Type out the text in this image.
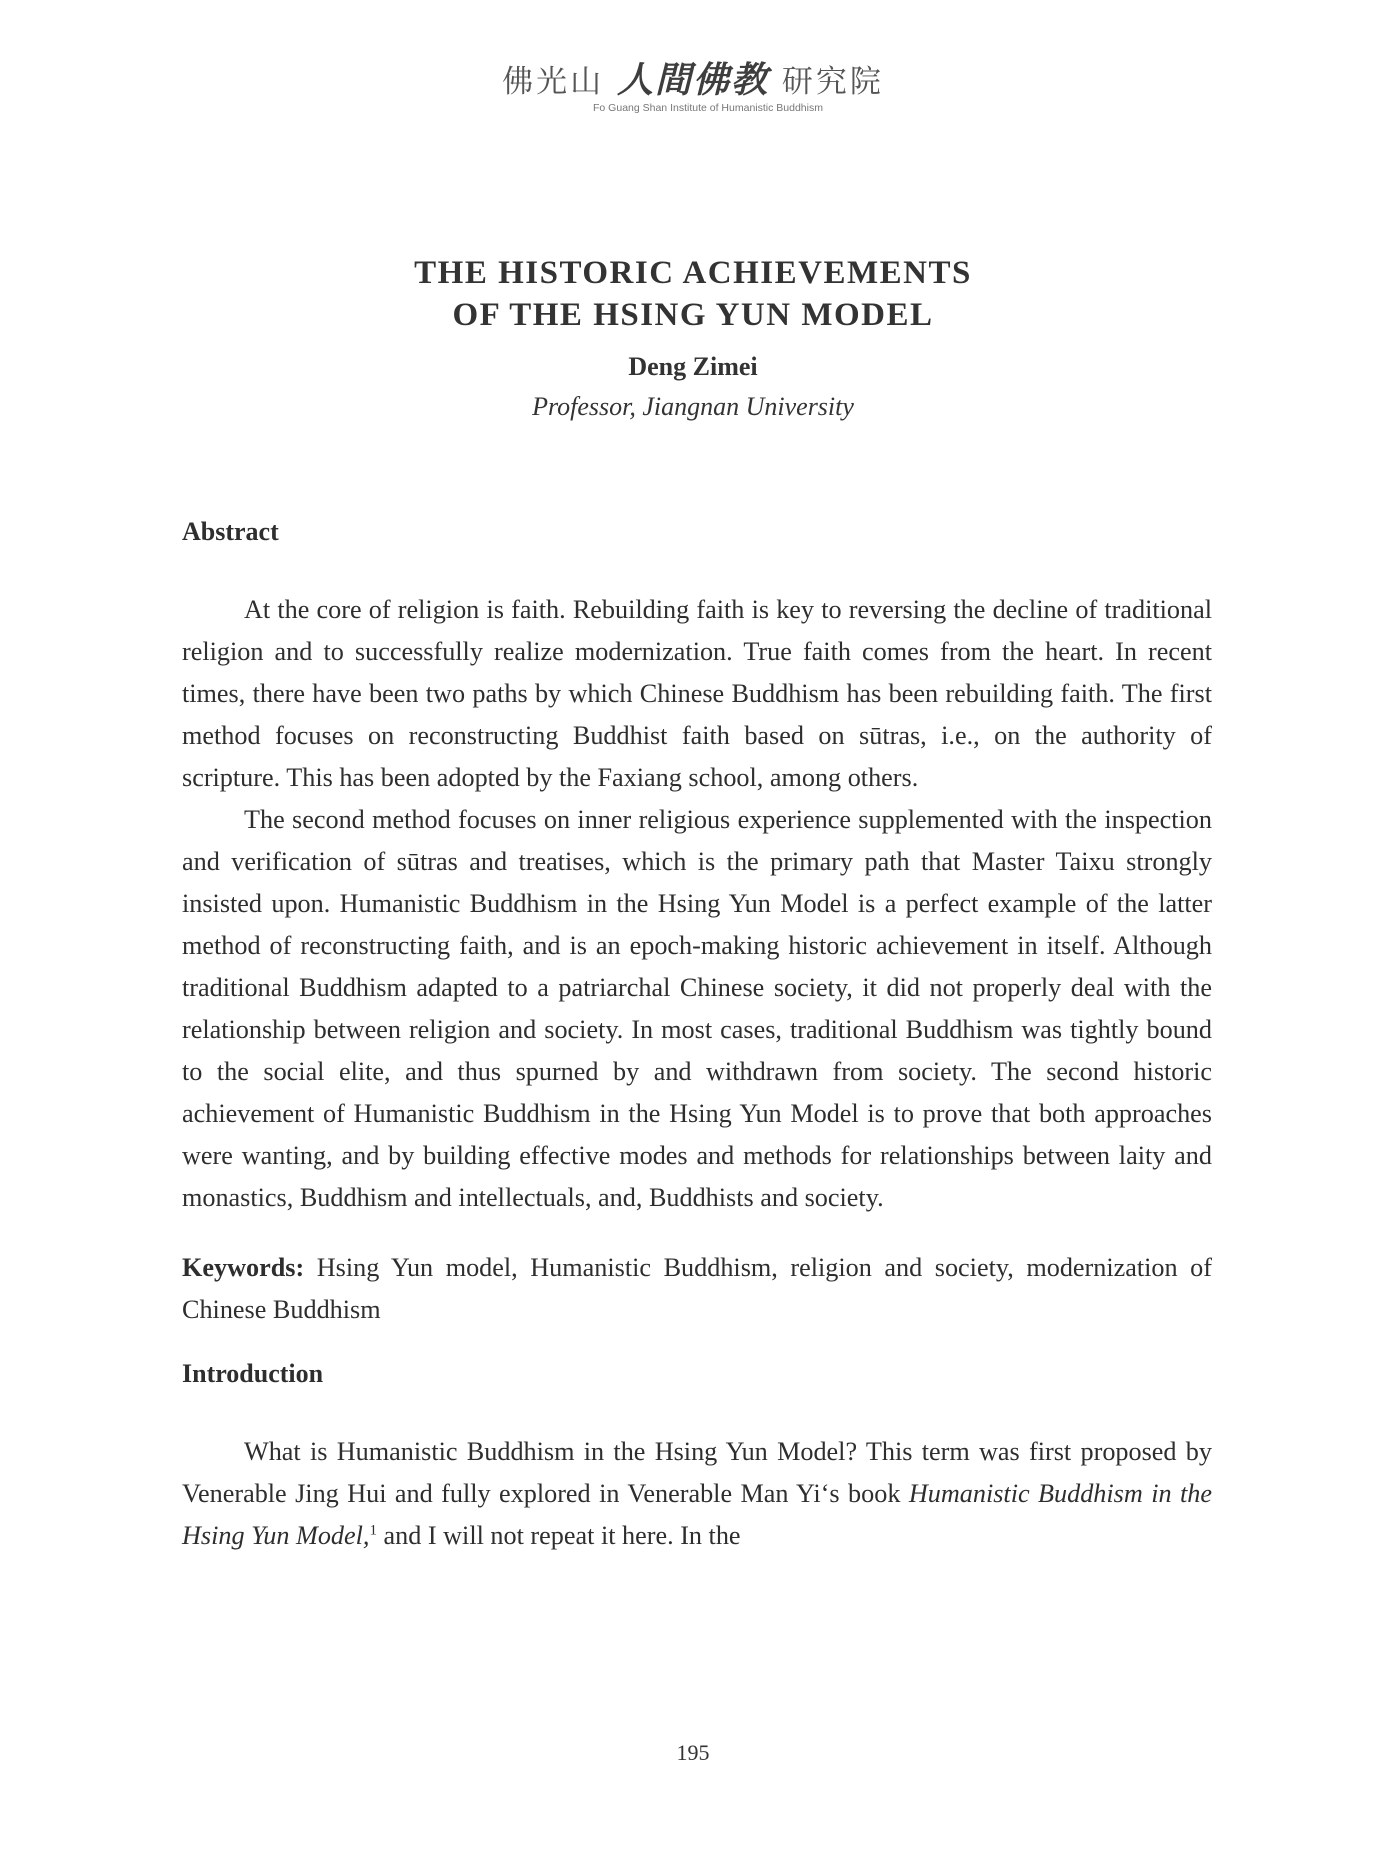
佛光山 人間佛教 研究院
Fo Guang Shan Institute of Humanistic Buddhism
THE HISTORIC ACHIEVEMENTS
OF THE HSING YUN MODEL
Deng Zimei
Professor, Jiangnan University
Abstract

At the core of religion is faith. Rebuilding faith is key to reversing the decline of traditional religion and to successfully realize modernization. True faith comes from the heart. In recent times, there have been two paths by which Chinese Buddhism has been rebuilding faith. The first method focuses on reconstructing Buddhist faith based on sūtras, i.e., on the authority of scripture. This has been adopted by the Faxiang school, among others.

The second method focuses on inner religious experience supplemented with the inspection and verification of sūtras and treatises, which is the primary path that Master Taixu strongly insisted upon. Humanistic Buddhism in the Hsing Yun Model is a perfect example of the latter method of reconstructing faith, and is an epoch-making historic achievement in itself. Although traditional Buddhism adapted to a patriarchal Chinese society, it did not properly deal with the relationship between religion and society. In most cases, traditional Buddhism was tightly bound to the social elite, and thus spurned by and withdrawn from society. The second historic achievement of Humanistic Buddhism in the Hsing Yun Model is to prove that both approaches were wanting, and by building effective modes and methods for relationships between laity and monastics, Buddhism and intellectuals, and, Buddhists and society.

Keywords: Hsing Yun model, Humanistic Buddhism, religion and society, modernization of Chinese Buddhism

Introduction

What is Humanistic Buddhism in the Hsing Yun Model? This term was first proposed by Venerable Jing Hui and fully explored in Venerable Man Yi‘s book Humanistic Buddhism in the Hsing Yun Model,$^1$ and I will not repeat it here. In the

195
